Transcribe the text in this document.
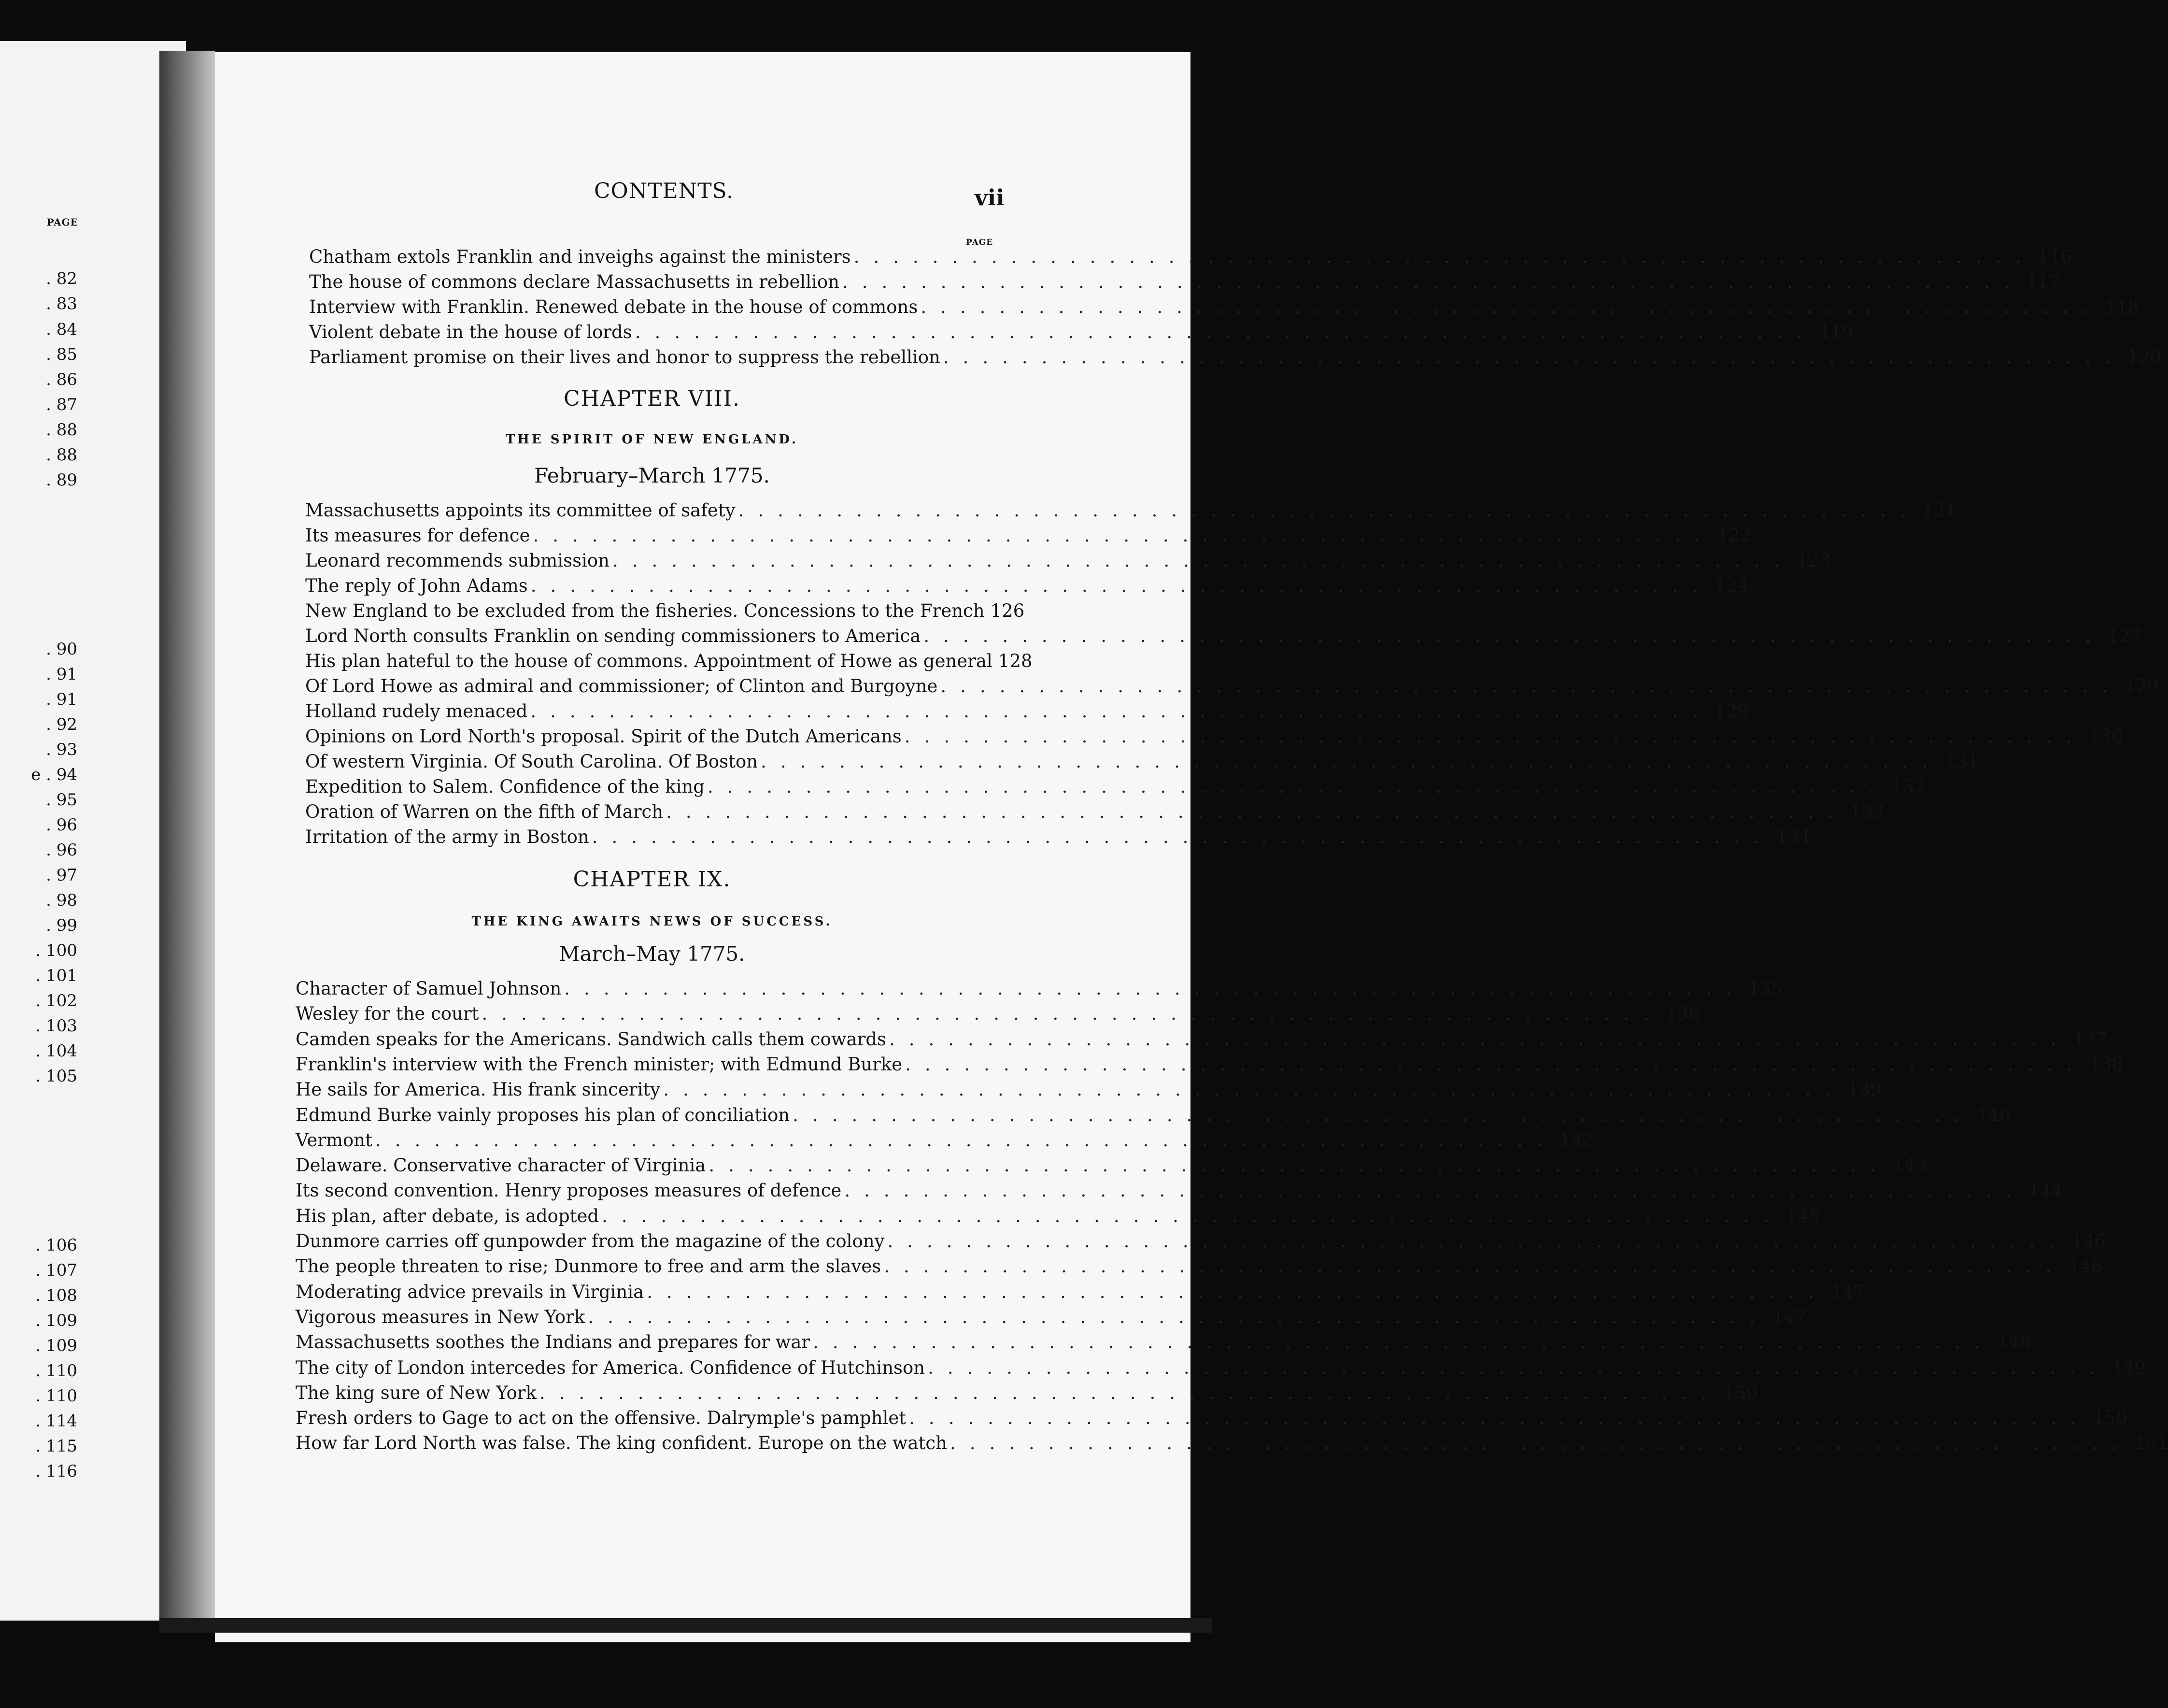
PAGE
. 82
. 83
. 84
. 85
. 86
. 87
. 88
. 88
. 89
. 90
. 91
. 91
. 92
. 93
e . 94
. 95
. 96
. 96
. 97
. 98
. 99
. 100
. 101
. 102
. 103
. 104
. 105
. 106
. 107
. 108
. 109
. 109
. 110
. 110
. 114
. 115
. 116
CONTENTS.	vii
PAGE
Chatham extols Franklin and inveighs against the ministers ............................................................ 116
The house of commons declare Massachusetts in rebellion ............................................................ 117
Interview with Franklin. Renewed debate in the house of commons ............................................................ 118
Violent debate in the house of lords ............................................................ 119
Parliament promise on their lives and honor to suppress the rebellion ............................................................ 120
CHAPTER VIII.
THE SPIRIT OF NEW ENGLAND.
February–March 1775.
Massachusetts appoints its committee of safety ............................................................ 121
Its measures for defence ............................................................ 122
Leonard recommends submission ............................................................ 123
The reply of John Adams ............................................................ 124
New England to be excluded from the fisheries. Concessions to the French 126
Lord North consults Franklin on sending commissioners to America ............................................................ 127
His plan hateful to the house of commons. Appointment of Howe as general 128
Of Lord Howe as admiral and commissioner; of Clinton and Burgoyne ............................................................ 129
Holland rudely menaced ............................................................ 129
Opinions on Lord North's proposal. Spirit of the Dutch Americans ............................................................ 130
Of western Virginia. Of South Carolina. Of Boston ............................................................ 131
Expedition to Salem. Confidence of the king ............................................................ 132
Oration of Warren on the fifth of March ............................................................ 133
Irritation of the army in Boston ............................................................ 134
CHAPTER IX.
THE KING AWAITS NEWS OF SUCCESS.
March–May 1775.
Character of Samuel Johnson ............................................................ 135
Wesley for the court ............................................................ 136
Camden speaks for the Americans. Sandwich calls them cowards ............................................................ 137
Franklin's interview with the French minister; with Edmund Burke ............................................................ 138
He sails for America. His frank sincerity ............................................................ 139
Edmund Burke vainly proposes his plan of conciliation ............................................................ 140
Vermont ............................................................ 142
Delaware. Conservative character of Virginia ............................................................ 143
Its second convention. Henry proposes measures of defence ............................................................ 144
His plan, after debate, is adopted ............................................................ 145
Dunmore carries off gunpowder from the magazine of the colony ............................................................ 146
The people threaten to rise; Dunmore to free and arm the slaves ............................................................ 146
Moderating advice prevails in Virginia ............................................................ 147
Vigorous measures in New York ............................................................ 147
Massachusetts soothes the Indians and prepares for war ............................................................ 148
The city of London intercedes for America. Confidence of Hutchinson ............................................................ 149
The king sure of New York ............................................................ 150
Fresh orders to Gage to act on the offensive. Dalrymple's pamphlet ............................................................ 150
How far Lord North was false. The king confident. Europe on the watch ............................................................ 151
